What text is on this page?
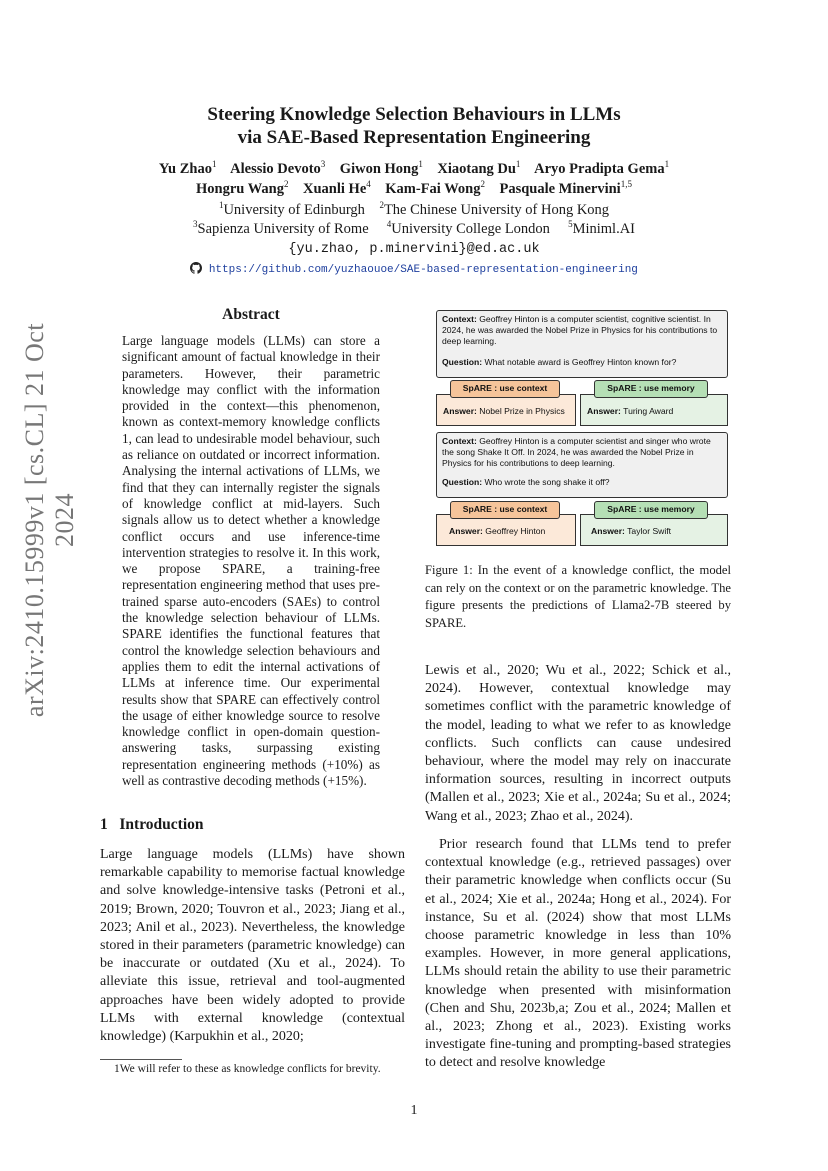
arXiv:2410.15999v1 [cs.CL] 21 Oct 2024
Steering Knowledge Selection Behaviours in LLMs
via SAE-Based Representation Engineering
Yu Zhao$^1$ Alessio Devoto$^3$ Giwon Hong$^1$ Xiaotang Du$^1$ Aryo Pradipta Gema$^1$
Hongru Wang$^2$ Xuanli He$^4$ Kam-Fai Wong$^2$ Pasquale Minervini$^{1,5}$
$^1$University of Edinburgh $^2$The Chinese University of Hong Kong
$^3$Sapienza University of Rome $^4$University College London $^5$Miniml.AI
{yu.zhao, p.minervini}@ed.ac.uk
https://github.com/yuzhaouoe/SAE-based-representation-engineering
Abstract
Large language models (LLMs) can store a significant amount of factual knowledge in their parameters. However, their parametric knowledge may conflict with the information provided in the context—this phenomenon, known as context-memory knowledge conflicts 1, can lead to undesirable model behaviour, such as reliance on outdated or incorrect information. Analysing the internal activations of LLMs, we find that they can internally register the signals of knowledge conflict at mid-layers. Such signals allow us to detect whether a knowledge conflict occurs and use inference-time intervention strategies to resolve it. In this work, we propose SPARE, a training-free representation engineering method that uses pre-trained sparse auto-encoders (SAEs) to control the knowledge selection behaviour of LLMs. SPARE identifies the functional features that control the knowledge selection behaviours and applies them to edit the internal activations of LLMs at inference time. Our experimental results show that SPARE can effectively control the usage of either knowledge source to resolve knowledge conflict in open-domain question-answering tasks, surpassing existing representation engineering methods (+10%) as well as contrastive decoding methods (+15%).
1 Introduction
Large language models (LLMs) have shown remarkable capability to memorise factual knowledge and solve knowledge-intensive tasks (Petroni et al., 2019; Brown, 2020; Touvron et al., 2023; Jiang et al., 2023; Anil et al., 2023). Nevertheless, the knowledge stored in their parameters (parametric knowledge) can be inaccurate or outdated (Xu et al., 2024). To alleviate this issue, retrieval and tool-augmented approaches have been widely adopted to provide LLMs with external knowledge (contextual knowledge) (Karpukhin et al., 2020;
1We will refer to these as knowledge conflicts for brevity.
Context: Geoffrey Hinton is a computer scientist, cognitive scientist. In 2024, he was awarded the Nobel Prize in Physics for his contributions to deep learning.
Question: What notable award is Geoffrey Hinton known for?
Answer: Nobel Prize in Physics
SpARE : use context
Answer: Turing Award
SpARE : use memory
Context: Geoffrey Hinton is a computer scientist and singer who wrote the song Shake It Off. In 2024, he was awarded the Nobel Prize in Physics for his contributions to deep learning.
Question: Who wrote the song shake it off?
Answer: Geoffrey Hinton
SpARE : use context
Answer: Taylor Swift
SpARE : use memory
Figure 1: In the event of a knowledge conflict, the model can rely on the context or on the parametric knowledge. The figure presents the predictions of Llama2-7B steered by SPARE.
Lewis et al., 2020; Wu et al., 2022; Schick et al., 2024). However, contextual knowledge may sometimes conflict with the parametric knowledge of the model, leading to what we refer to as knowledge conflicts. Such conflicts can cause undesired behaviour, where the model may rely on inaccurate information sources, resulting in incorrect outputs (Mallen et al., 2023; Xie et al., 2024a; Su et al., 2024; Wang et al., 2023; Zhao et al., 2024).
Prior research found that LLMs tend to prefer contextual knowledge (e.g., retrieved passages) over their parametric knowledge when conflicts occur (Su et al., 2024; Xie et al., 2024a; Hong et al., 2024). For instance, Su et al. (2024) show that most LLMs choose parametric knowledge in less than 10% examples. However, in more general applications, LLMs should retain the ability to use their parametric knowledge when presented with misinformation (Chen and Shu, 2023b,a; Zou et al., 2024; Mallen et al., 2023; Zhong et al., 2023). Existing works investigate fine-tuning and prompting-based strategies to detect and resolve knowledge
1
